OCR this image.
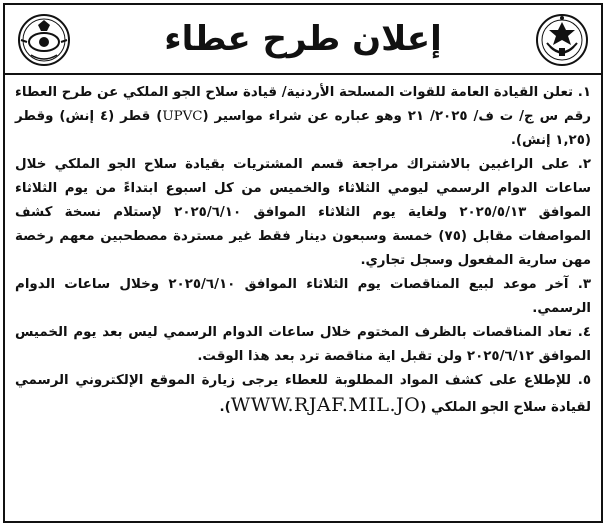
إعلان طرح عطاء

١. تعلن القيادة العامة للقوات المسلحة الأردنية/ قيادة سلاح الجو الملكي عن طرح العطاء رقم س ج/ ت ف/ ٢٠٢٥/ ٢١ وهو عباره عن شراء مواسير (UPVC) قطر (٤ إنش) وقطر (١,٢٥ إنش).

٢. على الراغبين بالاشتراك مراجعة قسم المشتريات بقيادة سلاح الجو الملكي خلال ساعات الدوام الرسمي ليومي الثلاثاء والخميس من كل اسبوع ابتداءً من يوم الثلاثاء الموافق ٢٠٢٥/٥/١٣ ولغاية يوم الثلاثاء الموافق ٢٠٢٥/٦/١٠ لإستلام نسخة كشف المواصفات مقابل (٧٥) خمسة وسبعون دينار فقط غير مستردة مصطحبين معهم رخصة مهن سارية المفعول وسجل تجاري.

٣. آخر موعد لبيع المناقصات يوم الثلاثاء الموافق ٢٠٢٥/٦/١٠ وخلال ساعات الدوام الرسمي.

٤. تعاد المناقصات بالظرف المختوم خلال ساعات الدوام الرسمي ليس بعد يوم الخميس الموافق ٢٠٢٥/٦/١٢ ولن تقبل اية مناقصة ترد بعد هذا الوقت.

٥. للإطلاع على كشف المواد المطلوبة للعطاء يرجى زيارة الموقع الإلكتروني الرسمي لقيادة سلاح الجو الملكي (WWW.RJAF.MIL.JO).
